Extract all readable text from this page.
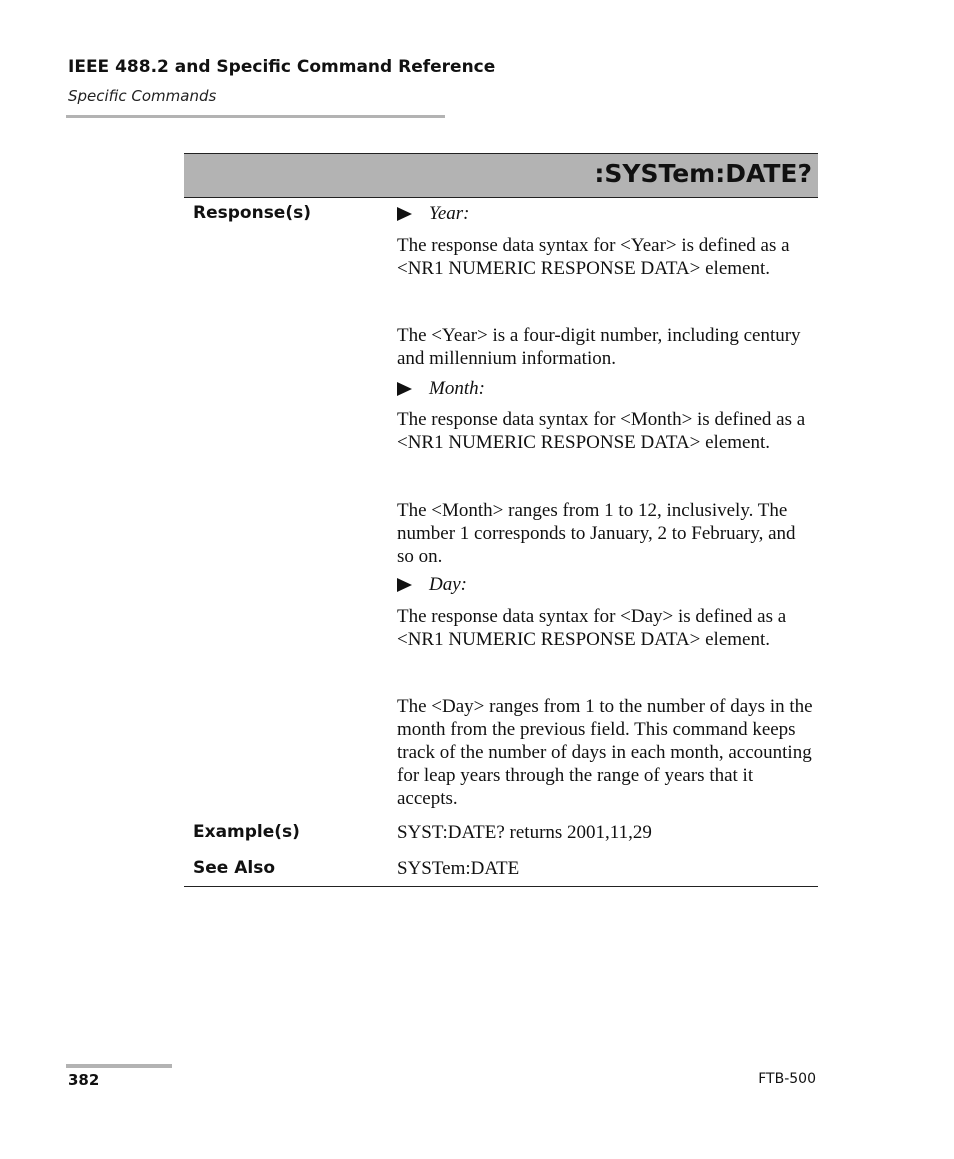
IEEE 488.2 and Specific Command Reference
Specific Commands
:SYSTem:DATE?
Response(s)	Year:
The response data syntax for <Year> is defined as a <NR1 NUMERIC RESPONSE DATA> element.
The <Year> is a four-digit number, including century and millennium information.
Month:
The response data syntax for <Month> is defined as a <NR1 NUMERIC RESPONSE DATA> element.
The <Month> ranges from 1 to 12, inclusively. The number 1 corresponds to January, 2 to February, and so on.
Day:
The response data syntax for <Day> is defined as a <NR1 NUMERIC RESPONSE DATA> element.
The <Day> ranges from 1 to the number of days in the month from the previous field. This command keeps track of the number of days in each month, accounting for leap years through the range of years that it accepts.
Example(s)	SYST:DATE? returns 2001,11,29
See Also	SYSTem:DATE
382	FTB-500
